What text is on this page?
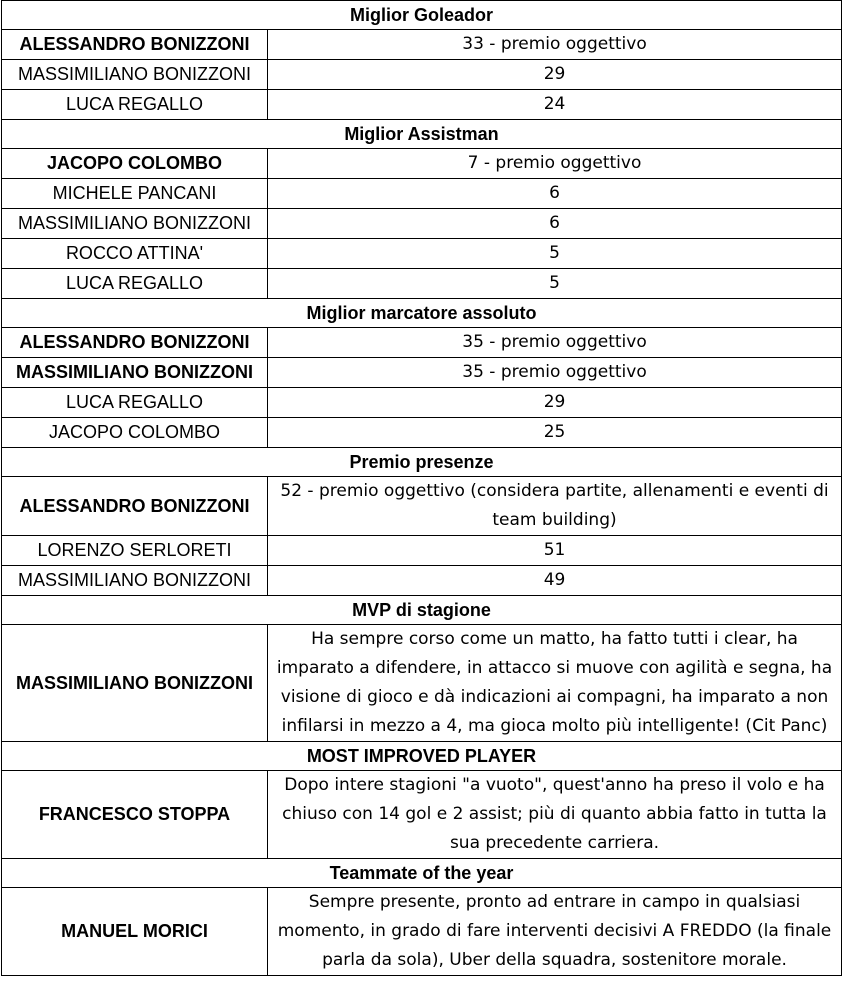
Miglior Goleador	
ALESSANDRO BONIZZONI	33 - premio oggettivo
MASSIMILIANO BONIZZONI	29
LUCA REGALLO	24
Miglior Assistman	
JACOPO COLOMBO	7 - premio oggettivo
MICHELE PANCANI	6
MASSIMILIANO BONIZZONI	6
ROCCO ATTINA'	5
LUCA REGALLO	5
Miglior marcatore assoluto	
ALESSANDRO BONIZZONI	35 - premio oggettivo
MASSIMILIANO BONIZZONI	35 - premio oggettivo
LUCA REGALLO	29
JACOPO COLOMBO	25
Premio presenze	
ALESSANDRO BONIZZONI	52 - premio oggettivo (considera partite, allenamenti e eventi di team building)
LORENZO SERLORETI	51
MASSIMILIANO BONIZZONI	49
MVP di stagione	
MASSIMILIANO BONIZZONI	Ha sempre corso come un matto, ha fatto tutti i clear, ha imparato a difendere, in attacco si muove con agilità e segna, ha visione di gioco e dà indicazioni ai compagni, ha imparato a non infilarsi in mezzo a 4, ma gioca molto più intelligente! (Cit Panc)
MOST IMPROVED PLAYER	
FRANCESCO STOPPA	Dopo intere stagioni "a vuoto", quest'anno ha preso il volo e ha chiuso con 14 gol e 2 assist; più di quanto abbia fatto in tutta la sua precedente carriera.
Teammate of the year	
MANUEL MORICI	Sempre presente, pronto ad entrare in campo in qualsiasi momento, in grado di fare interventi decisivi A FREDDO (la finale parla da sola), Uber della squadra, sostenitore morale.
